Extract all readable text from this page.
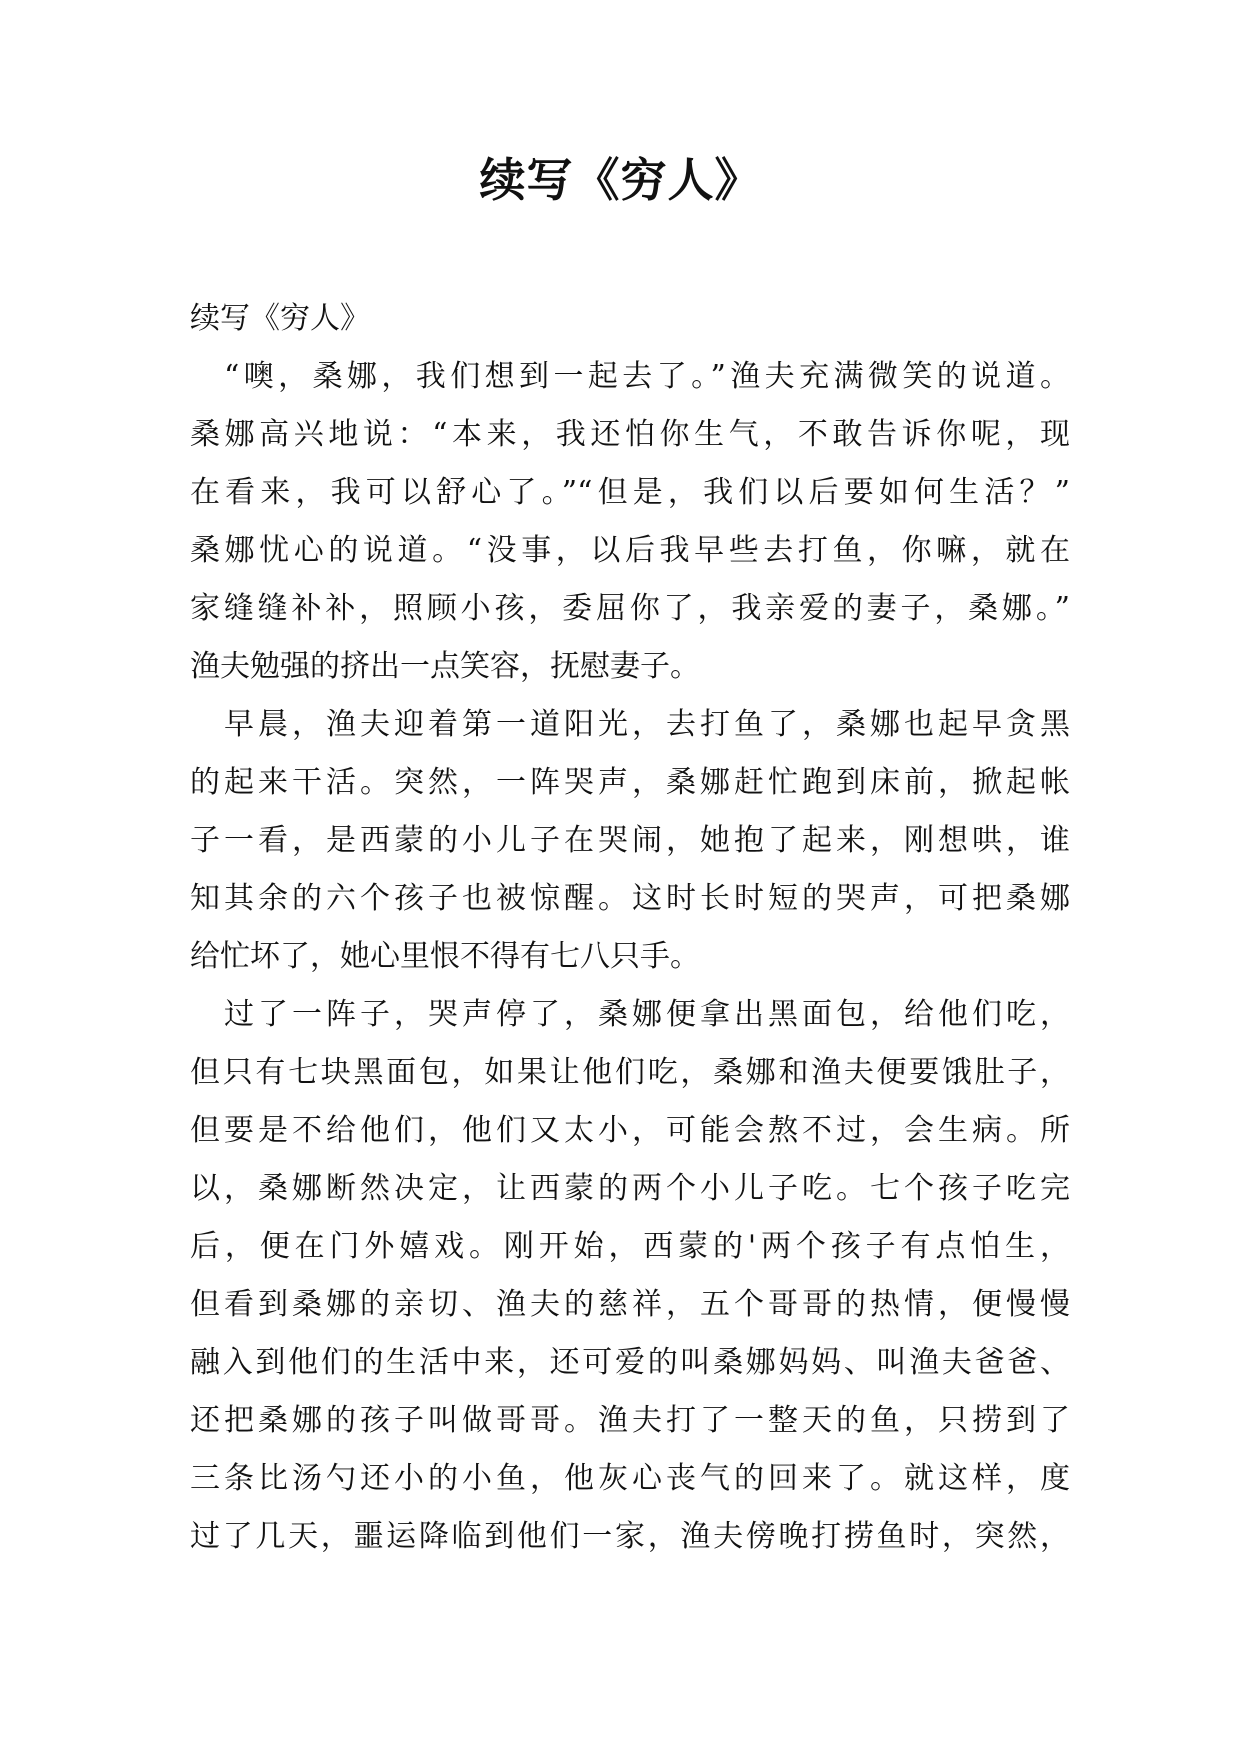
续写《穷人》
续写《穷人》
“噢，桑娜，我们想到一起去了。”渔夫充满微笑的说道。
桑娜高兴地说：“本来，我还怕你生气，不敢告诉你呢，现
在看来，我可以舒心了。”“但是，我们以后要如何生活？”
桑娜忧心的说道。“没事，以后我早些去打鱼，你嘛，就在
家缝缝补补，照顾小孩，委屈你了，我亲爱的妻子，桑娜。”
渔夫勉强的挤出一点笑容，抚慰妻子。
早晨，渔夫迎着第一道阳光，去打鱼了，桑娜也起早贪黑
的起来干活。突然，一阵哭声，桑娜赶忙跑到床前，掀起帐
子一看，是西蒙的小儿子在哭闹，她抱了起来，刚想哄，谁
知其余的六个孩子也被惊醒。这时长时短的哭声，可把桑娜
给忙坏了，她心里恨不得有七八只手。
过了一阵子，哭声停了，桑娜便拿出黑面包，给他们吃，
但只有七块黑面包，如果让他们吃，桑娜和渔夫便要饿肚子，
但要是不给他们，他们又太小，可能会熬不过，会生病。所
以，桑娜断然决定，让西蒙的两个小儿子吃。七个孩子吃完
后，便在门外嬉戏。刚开始，西蒙的'两个孩子有点怕生，
但看到桑娜的亲切、渔夫的慈祥，五个哥哥的热情，便慢慢
融入到他们的生活中来，还可爱的叫桑娜妈妈、叫渔夫爸爸、
还把桑娜的孩子叫做哥哥。渔夫打了一整天的鱼，只捞到了
三条比汤勺还小的小鱼，他灰心丧气的回来了。就这样，度
过了几天，噩运降临到他们一家，渔夫傍晚打捞鱼时，突然，
